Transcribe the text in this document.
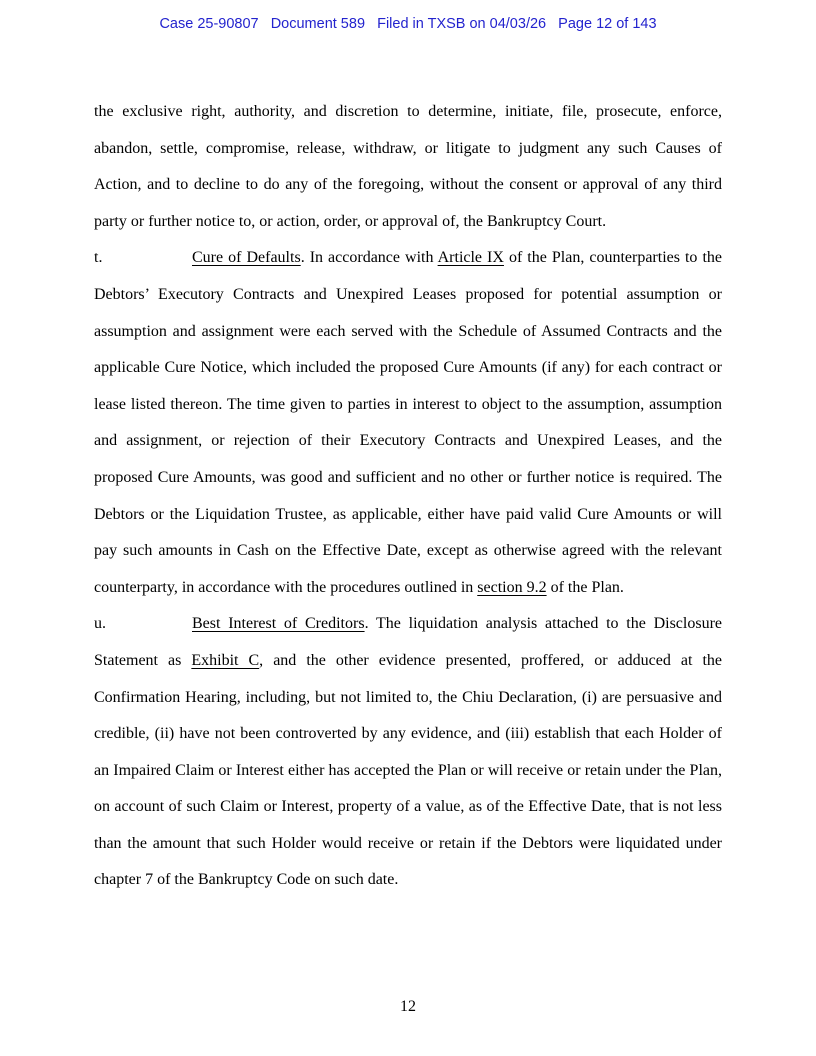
Case 25-90807   Document 589   Filed in TXSB on 04/03/26   Page 12 of 143

the exclusive right, authority, and discretion to determine, initiate, file, prosecute, enforce, abandon, settle, compromise, release, withdraw, or litigate to judgment any such Causes of Action, and to decline to do any of the foregoing, without the consent or approval of any third party or further notice to, or action, order, or approval of, the Bankruptcy Court.

t.	Cure of Defaults. In accordance with Article IX of the Plan, counterparties to the Debtors’ Executory Contracts and Unexpired Leases proposed for potential assumption or assumption and assignment were each served with the Schedule of Assumed Contracts and the applicable Cure Notice, which included the proposed Cure Amounts (if any) for each contract or lease listed thereon. The time given to parties in interest to object to the assumption, assumption and assignment, or rejection of their Executory Contracts and Unexpired Leases, and the proposed Cure Amounts, was good and sufficient and no other or further notice is required. The Debtors or the Liquidation Trustee, as applicable, either have paid valid Cure Amounts or will pay such amounts in Cash on the Effective Date, except as otherwise agreed with the relevant counterparty, in accordance with the procedures outlined in section 9.2 of the Plan.

u.	Best Interest of Creditors. The liquidation analysis attached to the Disclosure Statement as Exhibit C, and the other evidence presented, proffered, or adduced at the Confirmation Hearing, including, but not limited to, the Chiu Declaration, (i) are persuasive and credible, (ii) have not been controverted by any evidence, and (iii) establish that each Holder of an Impaired Claim or Interest either has accepted the Plan or will receive or retain under the Plan, on account of such Claim or Interest, property of a value, as of the Effective Date, that is not less than the amount that such Holder would receive or retain if the Debtors were liquidated under chapter 7 of the Bankruptcy Code on such date.

12
